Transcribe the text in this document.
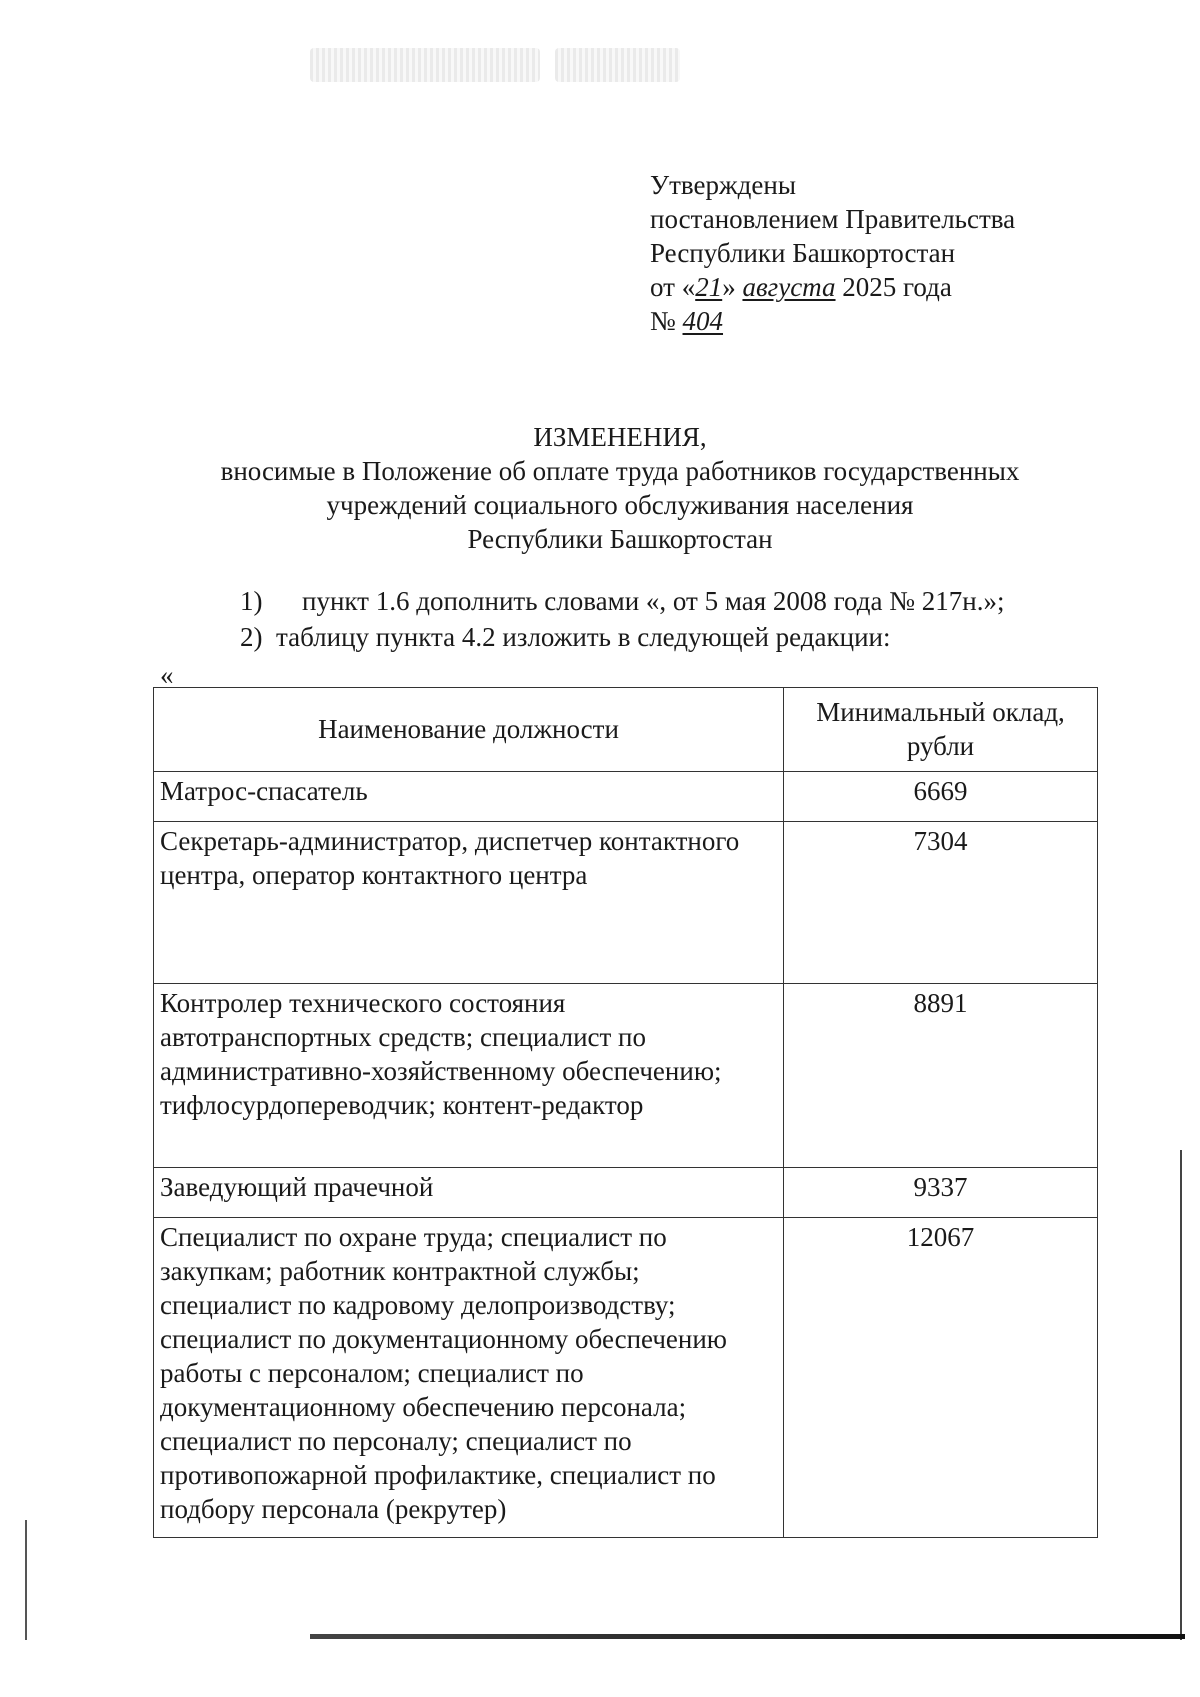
Утверждены
постановлением Правительства
Республики Башкортостан
от «21» августа 2025 года
№ 404
ИЗМЕНЕНИЯ,
вносимые в Положение об оплате труда работников государственных
учреждений социального обслуживания населения
Республики Башкортостан
1) пункт 1.6 дополнить словами «, от 5 мая 2008 года № 217н.»;
2) таблицу пункта 4.2 изложить в следующей редакции:
«
Наименование должности	Минимальный оклад, рубли
Матрос-спасатель	6669
Секретарь-администратор, диспетчер контактного центра, оператор контактного центра	7304
Контролер технического состояния автотранспортных средств; специалист по административно-хозяйственному обеспечению; тифлосурдопереводчик; контент-редактор	8891
Заведующий прачечной	9337
Специалист по охране труда; специалист по закупкам; работник контрактной службы; специалист по кадровому делопроизводству; специалист по документационному обеспечению работы с персоналом; специалист по документационному обеспечению персонала; специалист по персоналу; специалист по противопожарной профилактике, специалист по подбору персонала (рекрутер)	12067
